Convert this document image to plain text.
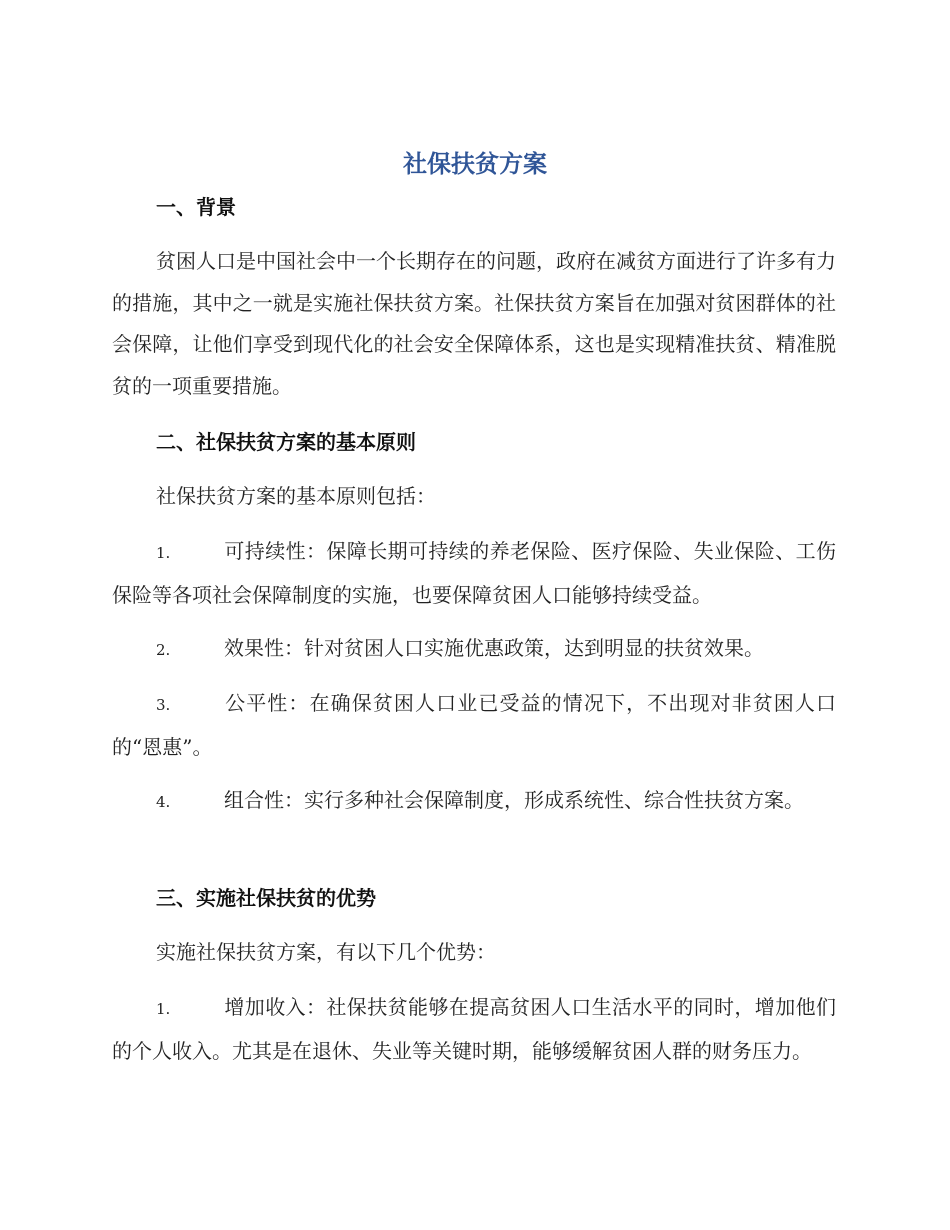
社保扶贫方案
一、背景

贫困人口是中国社会中一个长期存在的问题，政府在减贫方面进行了许多有力的措施，其中之一就是实施社保扶贫方案。社保扶贫方案旨在加强对贫困群体的社会保障，让他们享受到现代化的社会安全保障体系，这也是实现精准扶贫、精准脱贫的一项重要措施。

二、社保扶贫方案的基本原则

社保扶贫方案的基本原则包括：

1.	可持续性：保障长期可持续的养老保险、医疗保险、失业保险、工伤保险等各项社会保障制度的实施，也要保障贫困人口能够持续受益。

2.	效果性：针对贫困人口实施优惠政策，达到明显的扶贫效果。

3.	公平性：在确保贫困人口业已受益的情况下，不出现对非贫困人口的“恩惠”。

4.	组合性：实行多种社会保障制度，形成系统性、综合性扶贫方案。

三、实施社保扶贫的优势

实施社保扶贫方案，有以下几个优势：

1.	增加收入：社保扶贫能够在提高贫困人口生活水平的同时，增加他们的个人收入。尤其是在退休、失业等关键时期，能够缓解贫困人群的财务压力。
